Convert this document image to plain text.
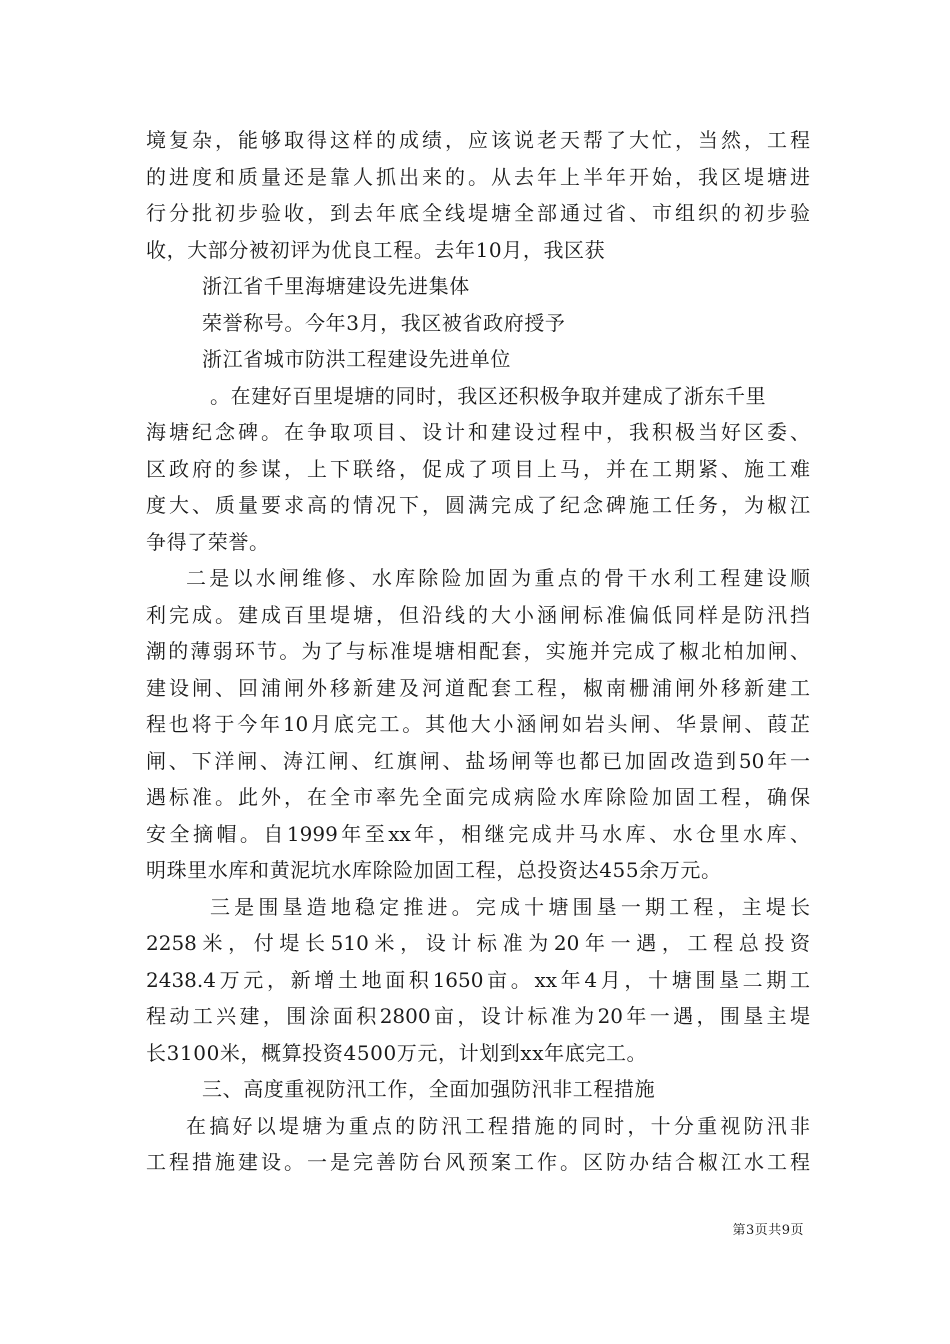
境复杂，能够取得这样的成绩，应该说老天帮了大忙，当然，工程
的进度和质量还是靠人抓出来的。从去年上半年开始，我区堤塘进
行分批初步验收，到去年底全线堤塘全部通过省、市组织的初步验
收，大部分被初评为优良工程。去年10月，我区获
浙江省千里海塘建设先进集体
荣誉称号。今年3月，我区被省政府授予
浙江省城市防洪工程建设先进单位
。在建好百里堤塘的同时，我区还积极争取并建成了浙东千里
海塘纪念碑。在争取项目、设计和建设过程中，我积极当好区委、
区政府的参谋，上下联络，促成了项目上马，并在工期紧、施工难
度大、质量要求高的情况下，圆满完成了纪念碑施工任务，为椒江
争得了荣誉。
二是以水闸维修、水库除险加固为重点的骨干水利工程建设顺
利完成。建成百里堤塘，但沿线的大小涵闸标准偏低同样是防汛挡
潮的薄弱环节。为了与标准堤塘相配套，实施并完成了椒北柏加闸、
建设闸、回浦闸外移新建及河道配套工程，椒南栅浦闸外移新建工
程也将于今年10月底完工。其他大小涵闸如岩头闸、华景闸、葭芷
闸、下洋闸、涛江闸、红旗闸、盐场闸等也都已加固改造到50年一
遇标准。此外，在全市率先全面完成病险水库除险加固工程，确保
安全摘帽。自1999年至xx年，相继完成井马水库、水仓里水库、
明珠里水库和黄泥坑水库除险加固工程，总投资达455余万元。
三是围垦造地稳定推进。完成十塘围垦一期工程，主堤长
2258米，付堤长510米，设计标准为20年一遇，工程总投资
2438.4万元，新增土地面积1650亩。xx年4月，十塘围垦二期工
程动工兴建，围涂面积2800亩，设计标准为20年一遇，围垦主堤
长3100米，概算投资4500万元，计划到xx年底完工。
三、高度重视防汛工作，全面加强防汛非工程措施
在搞好以堤塘为重点的防汛工程措施的同时，十分重视防汛非
工程措施建设。一是完善防台风预案工作。区防办结合椒江水工程
第3页共9页
